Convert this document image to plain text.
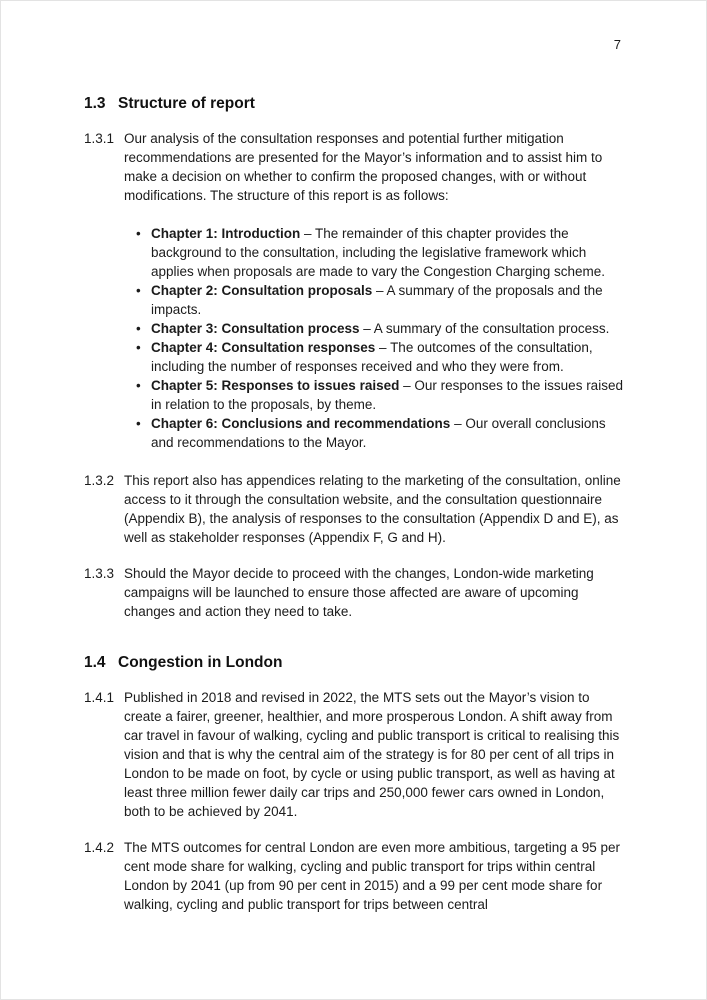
7
1.3 Structure of report
1.3.1 Our analysis of the consultation responses and potential further mitigation recommendations are presented for the Mayor’s information and to assist him to make a decision on whether to confirm the proposed changes, with or without modifications. The structure of this report is as follows:
• Chapter 1: Introduction – The remainder of this chapter provides the background to the consultation, including the legislative framework which applies when proposals are made to vary the Congestion Charging scheme.
• Chapter 2: Consultation proposals – A summary of the proposals and the impacts.
• Chapter 3: Consultation process – A summary of the consultation process.
• Chapter 4: Consultation responses – The outcomes of the consultation, including the number of responses received and who they were from.
• Chapter 5: Responses to issues raised – Our responses to the issues raised in relation to the proposals, by theme.
• Chapter 6: Conclusions and recommendations – Our overall conclusions and recommendations to the Mayor.
1.3.2 This report also has appendices relating to the marketing of the consultation, online access to it through the consultation website, and the consultation questionnaire (Appendix B), the analysis of responses to the consultation (Appendix D and E), as well as stakeholder responses (Appendix F, G and H).
1.3.3 Should the Mayor decide to proceed with the changes, London-wide marketing campaigns will be launched to ensure those affected are aware of upcoming changes and action they need to take.
1.4 Congestion in London
1.4.1 Published in 2018 and revised in 2022, the MTS sets out the Mayor’s vision to create a fairer, greener, healthier, and more prosperous London. A shift away from car travel in favour of walking, cycling and public transport is critical to realising this vision and that is why the central aim of the strategy is for 80 per cent of all trips in London to be made on foot, by cycle or using public transport, as well as having at least three million fewer daily car trips and 250,000 fewer cars owned in London, both to be achieved by 2041.
1.4.2 The MTS outcomes for central London are even more ambitious, targeting a 95 per cent mode share for walking, cycling and public transport for trips within central London by 2041 (up from 90 per cent in 2015) and a 99 per cent mode share for walking, cycling and public transport for trips between central
